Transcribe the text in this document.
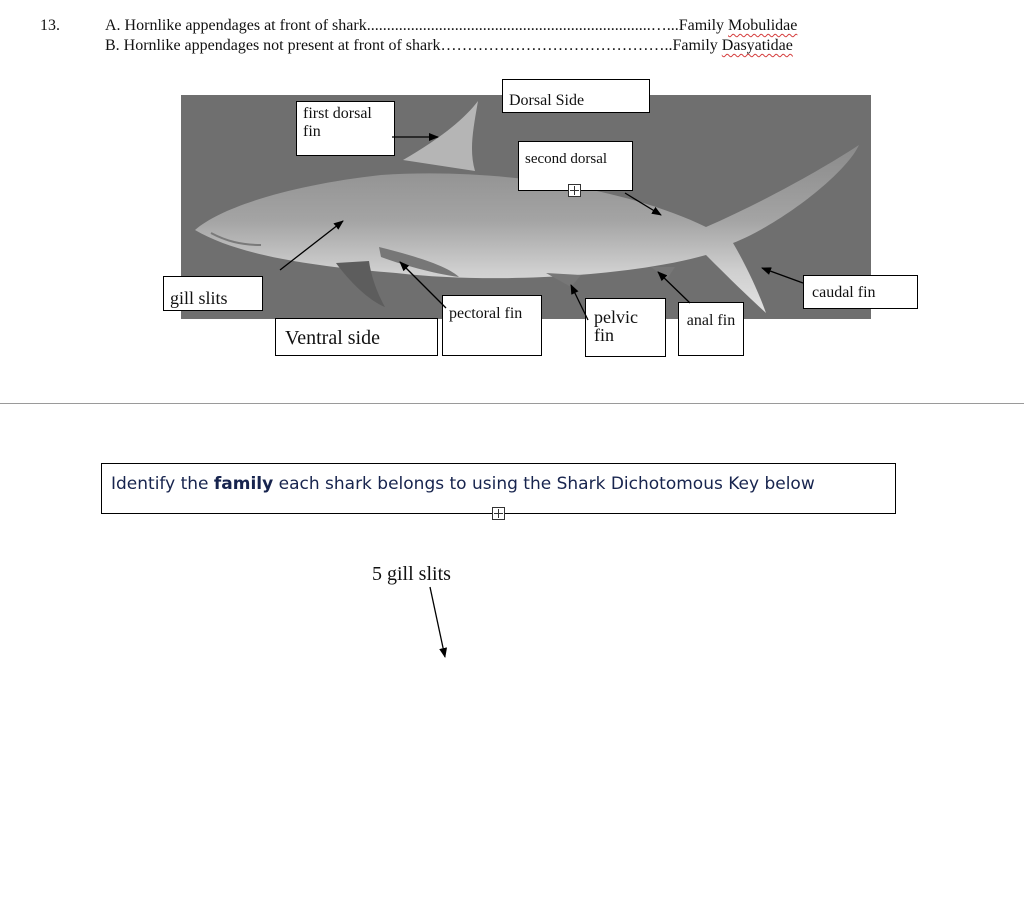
13.	A. Hornlike appendages at front of shark.......................................................................…...Family Mobulidae
B. Hornlike appendages not present at front of shark……………………………………..Family Dasyatidae
first dorsal fin
Dorsal Side
second dorsal
gill slits
Ventral side
pectoral fin	pelvic fin
anal fin
caudal fin
Identify the family each shark belongs to using the Shark Dichotomous Key below
5 gill slits
